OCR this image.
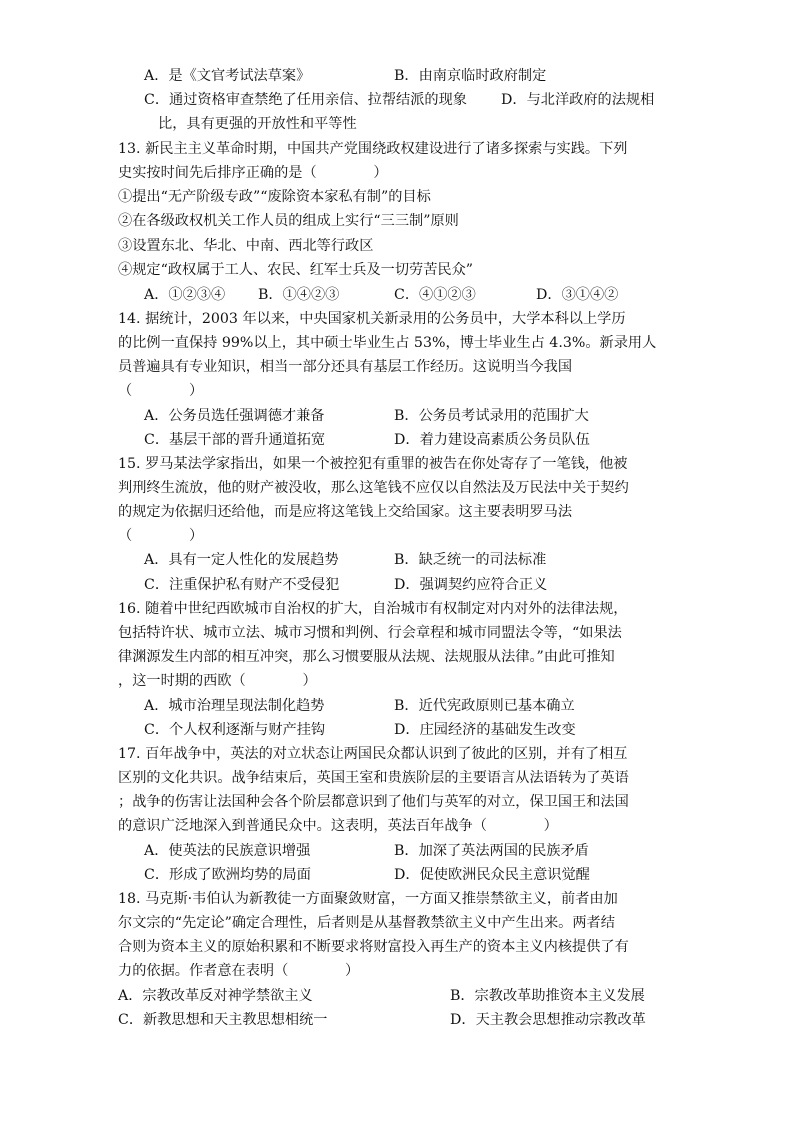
A．是《文官考试法草案》	B．由南京临时政府制定
C．通过资格审查禁绝了任用亲信、拉帮结派的现象 D．与北洋政府的法规相
比，具有更强的开放性和平等性
13. 新民主主义革命时期，中国共产党围绕政权建设进行了诸多探索与实践。下列
史实按时间先后排序正确的是（　　　　）
①提出“无产阶级专政”“废除资本家私有制”的目标
②在各级政权机关工作人员的组成上实行“三三制”原则
③设置东北、华北、中南、西北等行政区
④规定“政权属于工人、农民、红军士兵及一切劳苦民众”
A．①②③④ B．①④②③	C．④①②③	D．③①④②
14. 据统计，2003 年以来，中央国家机关新录用的公务员中，大学本科以上学历
的比例一直保持 99%以上，其中硕士毕业生占 53%，博士毕业生占 4.3%。新录用人
员普遍具有专业知识，相当一部分还具有基层工作经历。这说明当今我国
（　　　　）
A．公务员选任强调德才兼备	B．公务员考试录用的范围扩大
C．基层干部的晋升通道拓宽	D．着力建设高素质公务员队伍
15. 罗马某法学家指出，如果一个被控犯有重罪的被告在你处寄存了一笔钱，他被
判刑终生流放，他的财产被没收，那么这笔钱不应仅以自然法及万民法中关于契约
的规定为依据归还给他，而是应将这笔钱上交给国家。这主要表明罗马法
（　　　　）
A．具有一定人性化的发展趋势	B．缺乏统一的司法标准
C．注重保护私有财产不受侵犯	D．强调契约应符合正义
16. 随着中世纪西欧城市自治权的扩大，自治城市有权制定对内对外的法律法规，
包括特许状、城市立法、城市习惯和判例、行会章程和城市同盟法令等，“如果法
律渊源发生内部的相互冲突，那么习惯要服从法规、法规服从法律。”由此可推知
，这一时期的西欧（　　　　）
A．城市治理呈现法制化趋势	B．近代宪政原则已基本确立
C．个人权利逐渐与财产挂钩	D．庄园经济的基础发生改变
17. 百年战争中，英法的对立状态让两国民众都认识到了彼此的区别，并有了相互
区别的文化共识。战争结束后，英国王室和贵族阶层的主要语言从法语转为了英语
；战争的伤害让法国种会各个阶层都意识到了他们与英军的对立，保卫国王和法国
的意识广泛地深入到普通民众中。这表明，英法百年战争（　　　　）
A．使英法的民族意识增强	B．加深了英法两国的民族矛盾
C．形成了欧洲均势的局面	D．促使欧洲民众民主意识觉醒
18. 马克斯·韦伯认为新教徒一方面聚敛财富，一方面又推崇禁欲主义，前者由加
尔文宗的“先定论”确定合理性，后者则是从基督教禁欲主义中产生出来。两者结
合则为资本主义的原始积累和不断要求将财富投入再生产的资本主义内核提供了有
力的依据。作者意在表明（　　　　）
A．宗教改革反对神学禁欲主义	B．宗教改革助推资本主义发展
C．新教思想和天主教思想相统一	D．天主教会思想推动宗教改革
